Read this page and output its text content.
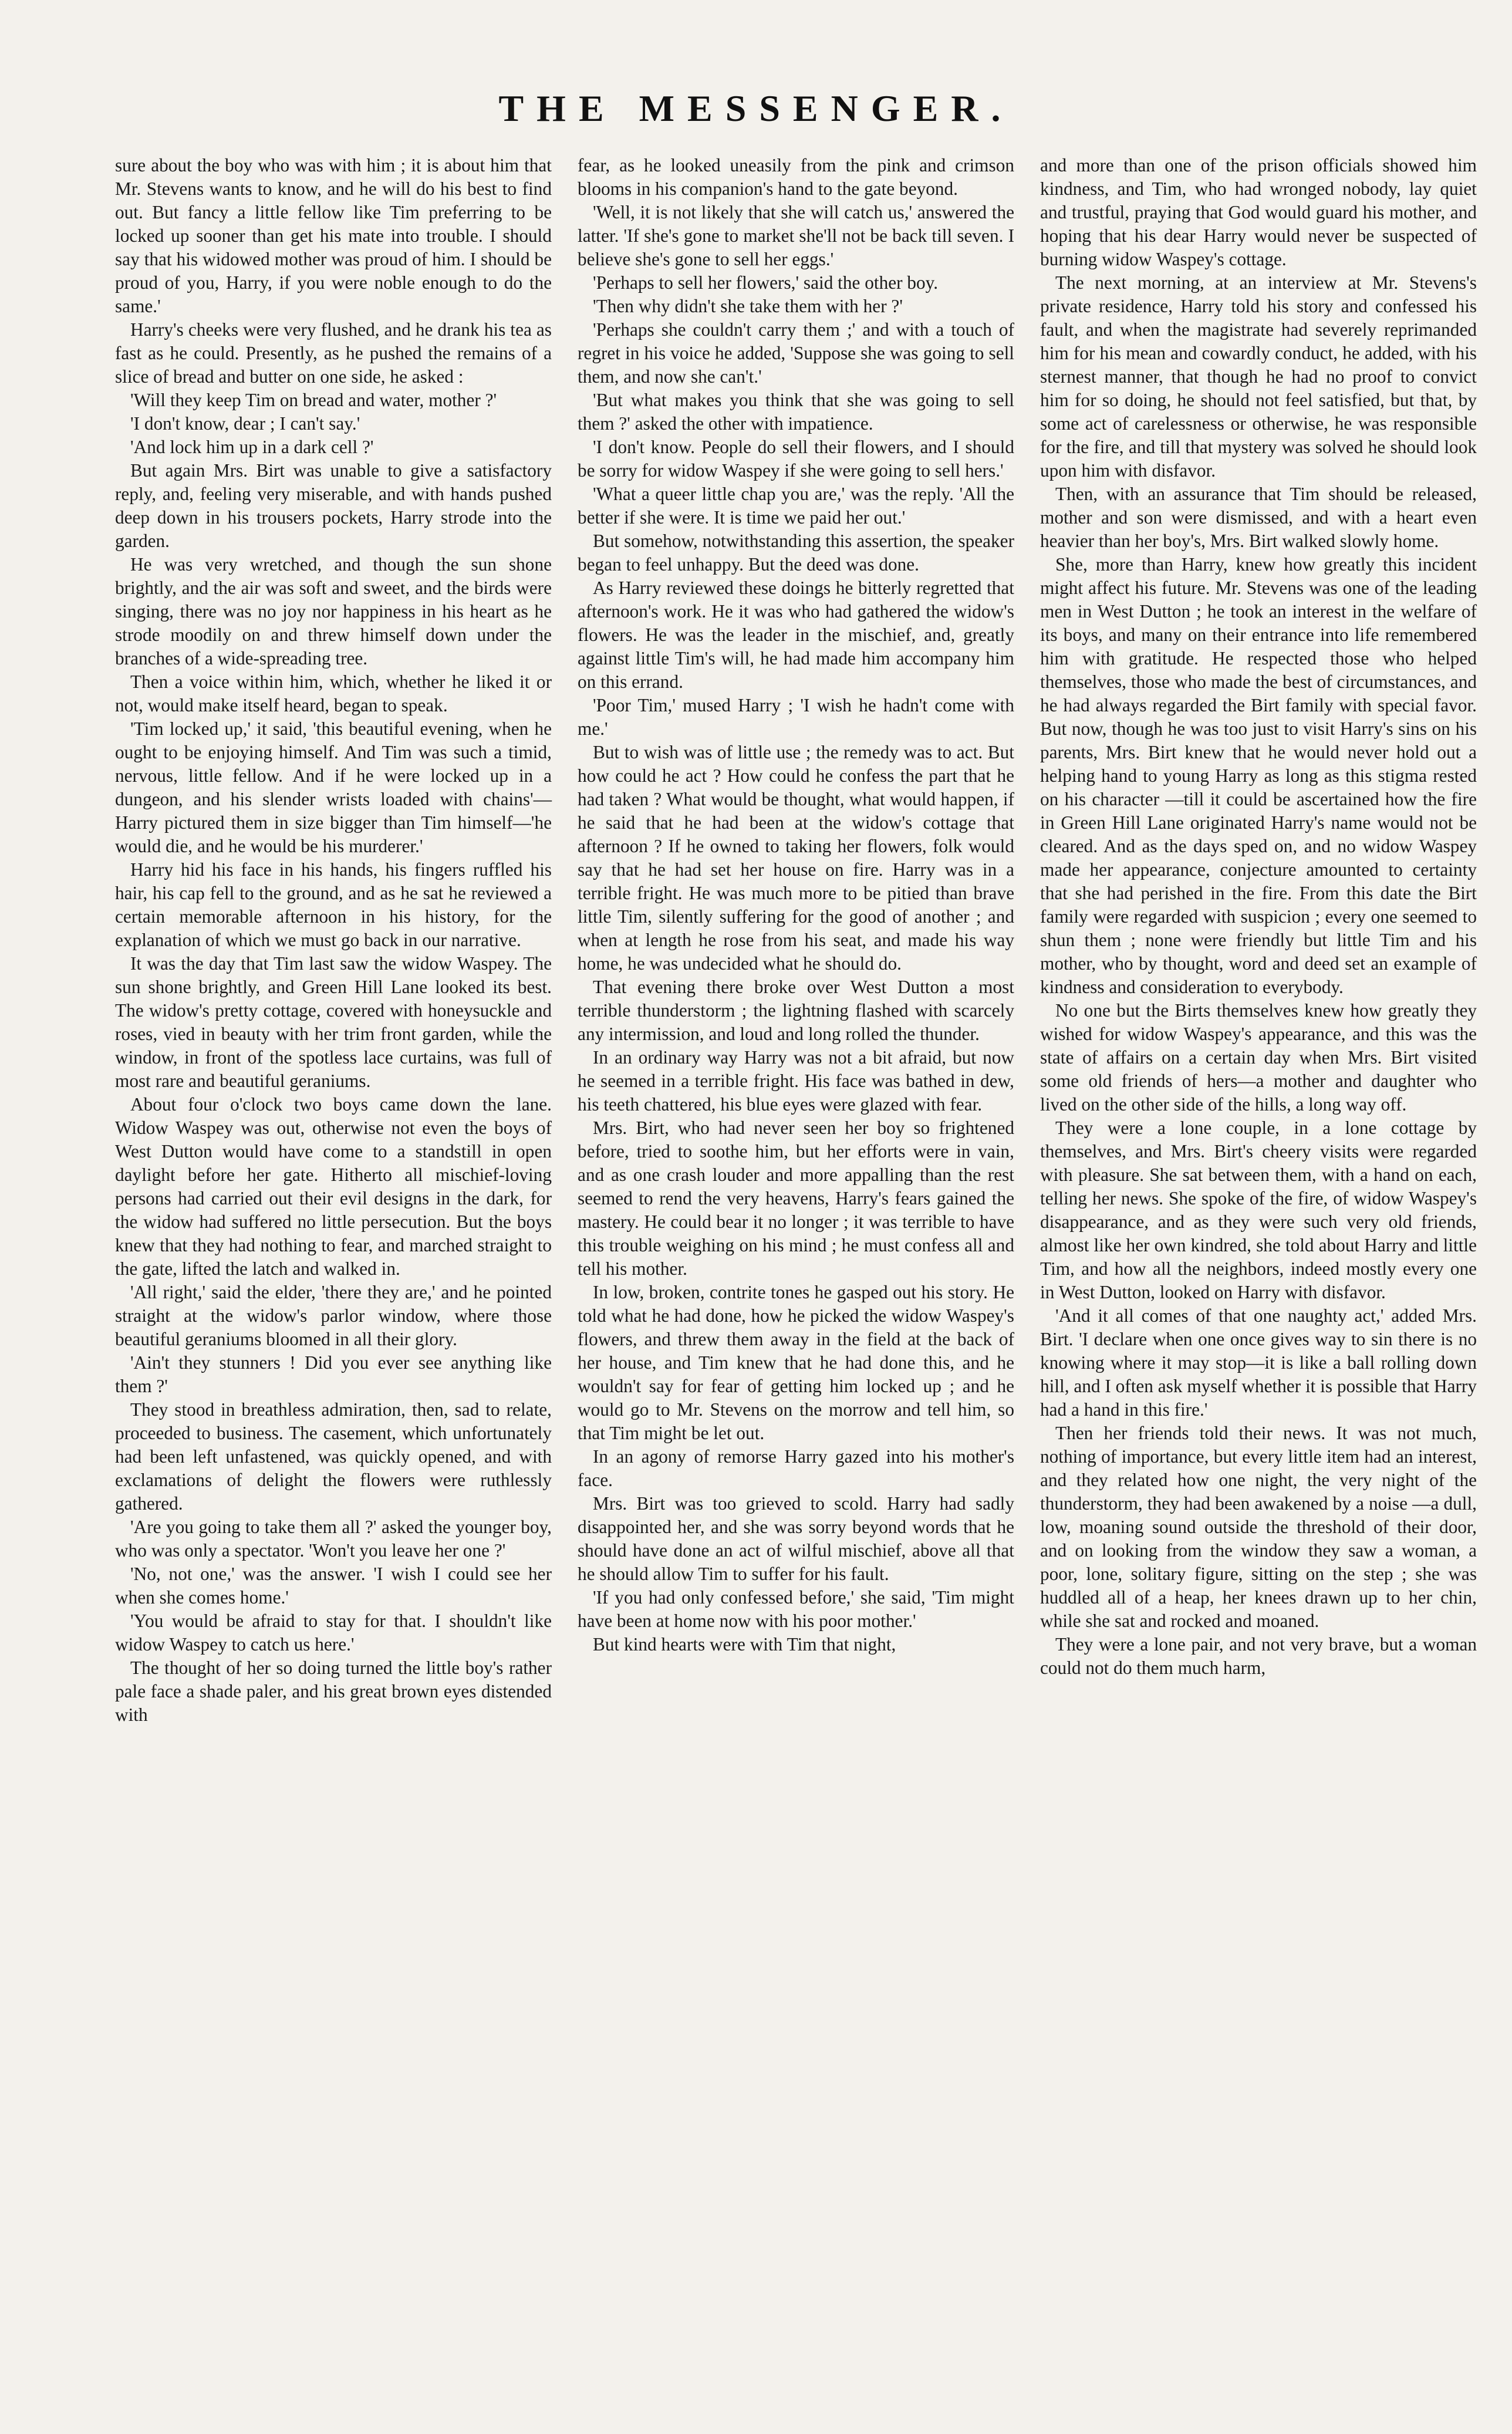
THE MESSENGER.

sure about the boy who was with him ; it is about him that Mr. Stevens wants to know, and he will do his best to find out. But fancy a little fellow like Tim preferring to be locked up sooner than get his mate into trouble. I should say that his widowed mother was proud of him. I should be proud of you, Harry, if you were noble enough to do the same.'

Harry's cheeks were very flushed, and he drank his tea as fast as he could. Presently, as he pushed the remains of a slice of bread and butter on one side, he asked :

'Will they keep Tim on bread and water, mother ?'

'I don't know, dear ; I can't say.'

'And lock him up in a dark cell ?'

But again Mrs. Birt was unable to give a satisfactory reply, and, feeling very miserable, and with hands pushed deep down in his trousers pockets, Harry strode into the garden.

He was very wretched, and though the sun shone brightly, and the air was soft and sweet, and the birds were singing, there was no joy nor happiness in his heart as he strode moodily on and threw himself down under the branches of a wide-spreading tree.

Then a voice within him, which, whether he liked it or not, would make itself heard, began to speak.

'Tim locked up,' it said, 'this beautiful evening, when he ought to be enjoying himself. And Tim was such a timid, nervous, little fellow. And if he were locked up in a dungeon, and his slender wrists loaded with chains'—Harry pictured them in size bigger than Tim himself—'he would die, and he would be his murderer.'

Harry hid his face in his hands, his fingers ruffled his hair, his cap fell to the ground, and as he sat he reviewed a certain memorable afternoon in his history, for the explanation of which we must go back in our narrative.

It was the day that Tim last saw the widow Waspey. The sun shone brightly, and Green Hill Lane looked its best. The widow's pretty cottage, covered with honeysuckle and roses, vied in beauty with her trim front garden, while the window, in front of the spotless lace curtains, was full of most rare and beautiful geraniums.

About four o'clock two boys came down the lane. Widow Waspey was out, otherwise not even the boys of West Dutton would have come to a standstill in open daylight before her gate. Hitherto all mischief-loving persons had carried out their evil designs in the dark, for the widow had suffered no little persecution. But the boys knew that they had nothing to fear, and marched straight to the gate, lifted the latch and walked in.

'All right,' said the elder, 'there they are,' and he pointed straight at the widow's parlor window, where those beautiful geraniums bloomed in all their glory.

'Ain't they stunners ! Did you ever see anything like them ?'

They stood in breathless admiration, then, sad to relate, proceeded to business. The casement, which unfortunately had been left unfastened, was quickly opened, and with exclamations of delight the flowers were ruthlessly gathered.

'Are you going to take them all ?' asked the younger boy, who was only a spectator. 'Won't you leave her one ?'

'No, not one,' was the answer. 'I wish I could see her when she comes home.'

'You would be afraid to stay for that. I shouldn't like widow Waspey to catch us here.'

The thought of her so doing turned the little boy's rather pale face a shade paler, and his great brown eyes distended with

fear, as he looked uneasily from the pink and crimson blooms in his companion's hand to the gate beyond.

'Well, it is not likely that she will catch us,' answered the latter. 'If she's gone to market she'll not be back till seven. I believe she's gone to sell her eggs.'

'Perhaps to sell her flowers,' said the other boy.

'Then why didn't she take them with her ?'

'Perhaps she couldn't carry them ;' and with a touch of regret in his voice he added, 'Suppose she was going to sell them, and now she can't.'

'But what makes you think that she was going to sell them ?' asked the other with impatience.

'I don't know. People do sell their flowers, and I should be sorry for widow Waspey if she were going to sell hers.'

'What a queer little chap you are,' was the reply. 'All the better if she were. It is time we paid her out.'

But somehow, notwithstanding this assertion, the speaker began to feel unhappy. But the deed was done.

As Harry reviewed these doings he bitterly regretted that afternoon's work. He it was who had gathered the widow's flowers. He was the leader in the mischief, and, greatly against little Tim's will, he had made him accompany him on this errand.

'Poor Tim,' mused Harry ; 'I wish he hadn't come with me.'

But to wish was of little use ; the remedy was to act. But how could he act ? How could he confess the part that he had taken ? What would be thought, what would happen, if he said that he had been at the widow's cottage that afternoon ? If he owned to taking her flowers, folk would say that he had set her house on fire. Harry was in a terrible fright. He was much more to be pitied than brave little Tim, silently suffering for the good of another ; and when at length he rose from his seat, and made his way home, he was undecided what he should do.

That evening there broke over West Dutton a most terrible thunderstorm ; the lightning flashed with scarcely any intermission, and loud and long rolled the thunder.

In an ordinary way Harry was not a bit afraid, but now he seemed in a terrible fright. His face was bathed in dew, his teeth chattered, his blue eyes were glazed with fear.

Mrs. Birt, who had never seen her boy so frightened before, tried to soothe him, but her efforts were in vain, and as one crash louder and more appalling than the rest seemed to rend the very heavens, Harry's fears gained the mastery. He could bear it no longer ; it was terrible to have this trouble weighing on his mind ; he must confess all and tell his mother.

In low, broken, contrite tones he gasped out his story. He told what he had done, how he picked the widow Waspey's flowers, and threw them away in the field at the back of her house, and Tim knew that he had done this, and he wouldn't say for fear of getting him locked up ; and he would go to Mr. Stevens on the morrow and tell him, so that Tim might be let out.

In an agony of remorse Harry gazed into his mother's face.

Mrs. Birt was too grieved to scold. Harry had sadly disappointed her, and she was sorry beyond words that he should have done an act of wilful mischief, above all that he should allow Tim to suffer for his fault.

'If you had only confessed before,' she said, 'Tim might have been at home now with his poor mother.'

But kind hearts were with Tim that night,

and more than one of the prison officials showed him kindness, and Tim, who had wronged nobody, lay quiet and trustful, praying that God would guard his mother, and hoping that his dear Harry would never be suspected of burning widow Waspey's cottage.

The next morning, at an interview at Mr. Stevens's private residence, Harry told his story and confessed his fault, and when the magistrate had severely reprimanded him for his mean and cowardly conduct, he added, with his sternest manner, that though he had no proof to convict him for so doing, he should not feel satisfied, but that, by some act of carelessness or otherwise, he was responsible for the fire, and till that mystery was solved he should look upon him with disfavor.

Then, with an assurance that Tim should be released, mother and son were dismissed, and with a heart even heavier than her boy's, Mrs. Birt walked slowly home.

She, more than Harry, knew how greatly this incident might affect his future. Mr. Stevens was one of the leading men in West Dutton ; he took an interest in the welfare of its boys, and many on their entrance into life remembered him with gratitude. He respected those who helped themselves, those who made the best of circumstances, and he had always regarded the Birt family with special favor. But now, though he was too just to visit Harry's sins on his parents, Mrs. Birt knew that he would never hold out a helping hand to young Harry as long as this stigma rested on his character —till it could be ascertained how the fire in Green Hill Lane originated Harry's name would not be cleared. And as the days sped on, and no widow Waspey made her appearance, conjecture amounted to certainty that she had perished in the fire. From this date the Birt family were regarded with suspicion ; every one seemed to shun them ; none were friendly but little Tim and his mother, who by thought, word and deed set an example of kindness and consideration to everybody.

No one but the Birts themselves knew how greatly they wished for widow Waspey's appearance, and this was the state of affairs on a certain day when Mrs. Birt visited some old friends of hers—a mother and daughter who lived on the other side of the hills, a long way off.

They were a lone couple, in a lone cottage by themselves, and Mrs. Birt's cheery visits were regarded with pleasure. She sat between them, with a hand on each, telling her news. She spoke of the fire, of widow Waspey's disappearance, and as they were such very old friends, almost like her own kindred, she told about Harry and little Tim, and how all the neighbors, indeed mostly every one in West Dutton, looked on Harry with disfavor.

'And it all comes of that one naughty act,' added Mrs. Birt. 'I declare when one once gives way to sin there is no knowing where it may stop—it is like a ball rolling down hill, and I often ask myself whether it is possible that Harry had a hand in this fire.'

Then her friends told their news. It was not much, nothing of importance, but every little item had an interest, and they related how one night, the very night of the thunderstorm, they had been awakened by a noise —a dull, low, moaning sound outside the threshold of their door, and on looking from the window they saw a woman, a poor, lone, solitary figure, sitting on the step ; she was huddled all of a heap, her knees drawn up to her chin, while she sat and rocked and moaned.

They were a lone pair, and not very brave, but a woman could not do them much harm,
